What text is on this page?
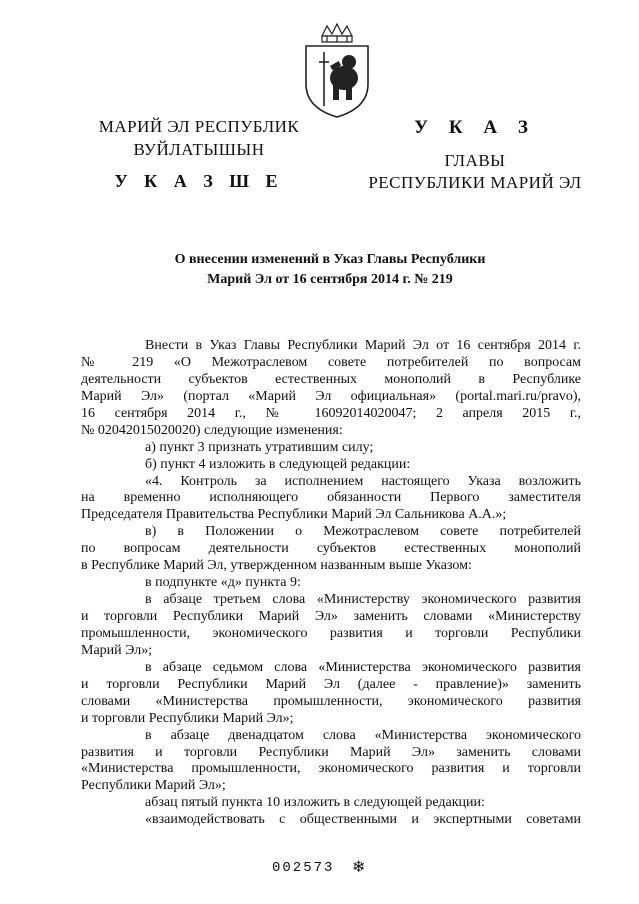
МАРИЙ ЭЛ РЕСПУБЛИК
ВУЙЛАТЫШЫН
У К А З Ш Е
У К А З
ГЛАВЫ
РЕСПУБЛИКИ МАРИЙ ЭЛ
О внесении изменений в Указ Главы Республики
Марий Эл от 16 сентября 2014 г. № 219
Внести в Указ Главы Республики Марий Эл от 16 сентября 2014 г.
№ 219 «О Межотраслевом совете потребителей по вопросам
деятельности субъектов естественных монополий в Республике
Марий Эл» (портал «Марий Эл официальная» (portal.mari.ru/pravo),
16 сентября 2014 г., № 16092014020047; 2 апреля 2015 г.,
№ 02042015020020) следующие изменения:
а) пункт 3 признать утратившим силу;
б) пункт 4 изложить в следующей редакции:
«4. Контроль за исполнением настоящего Указа возложить
на временно исполняющего обязанности Первого заместителя
Председателя Правительства Республики Марий Эл Сальникова А.А.»;
в) в Положении о Межотраслевом совете потребителей
по вопросам деятельности субъектов естественных монополий
в Республике Марий Эл, утвержденном названным выше Указом:
в подпункте «д» пункта 9:
в абзаце третьем слова «Министерству экономического развития
и торговли Республики Марий Эл» заменить словами «Министерству
промышленности, экономического развития и торговли Республики
Марий Эл»;
в абзаце седьмом слова «Министерства экономического развития
и торговли Республики Марий Эл (далее - правление)» заменить
словами «Министерства промышленности, экономического развития
и торговли Республики Марий Эл»;
в абзаце двенадцатом слова «Министерства экономического
развития и торговли Республики Марий Эл» заменить словами
«Министерства промышленности, экономического развития и торговли
Республики Марий Эл»;
абзац пятый пункта 10 изложить в следующей редакции:
«взаимодействовать с общественными и экспертными советами
002573 ❄
